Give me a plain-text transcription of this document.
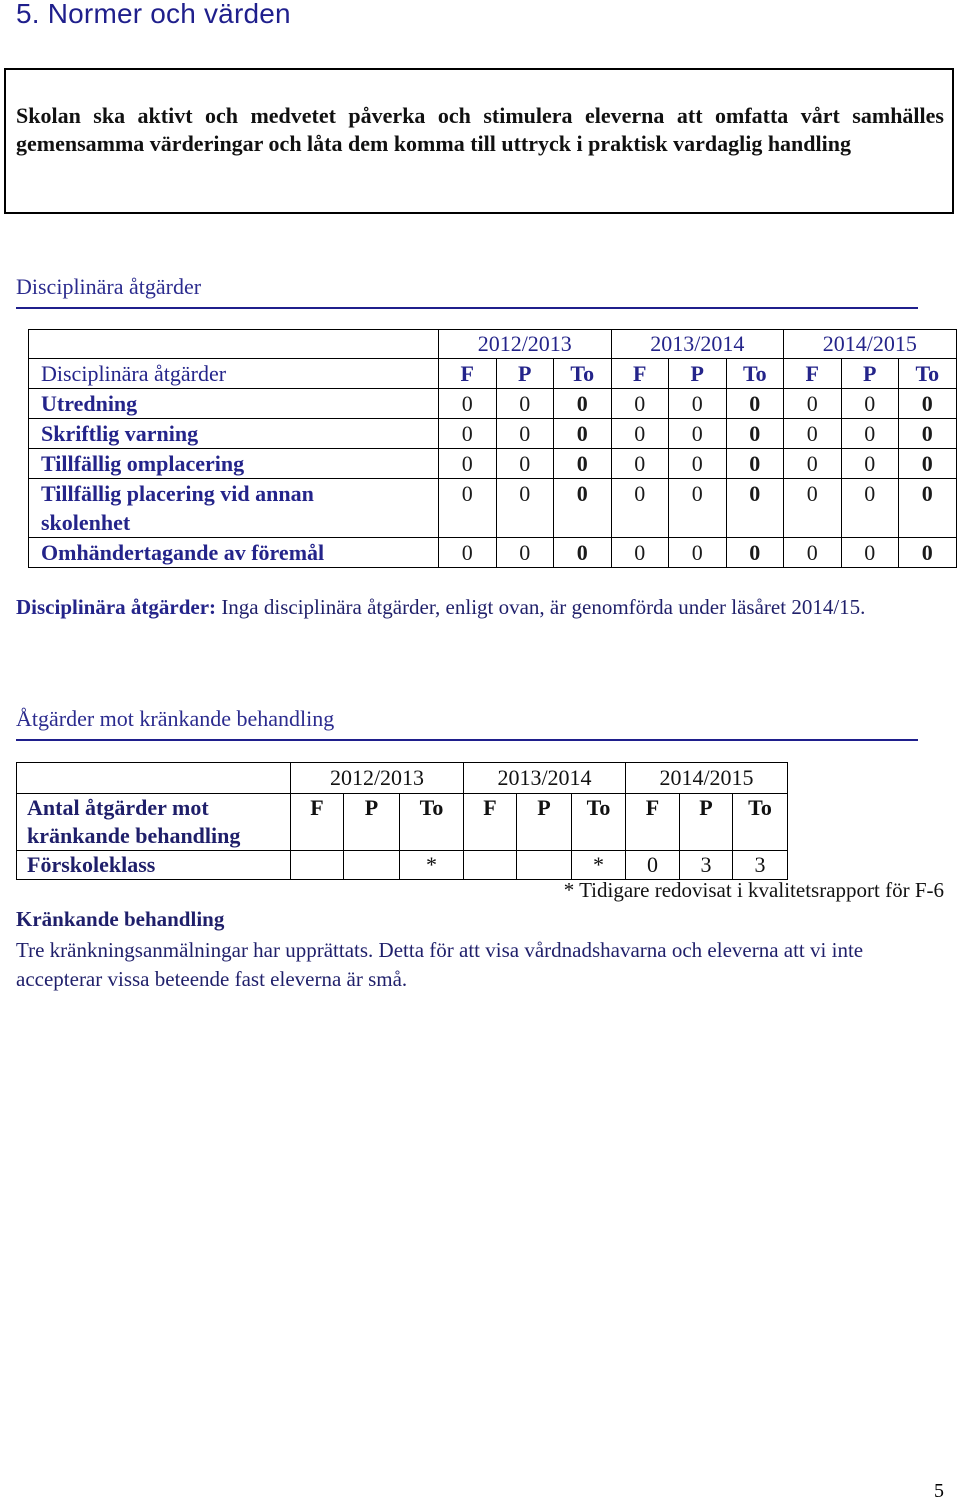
5. Normer och värden

Skolan ska aktivt och medvetet påverka och stimulera eleverna att omfatta vårt samhälles gemensamma värderingar och låta dem komma till uttryck i praktisk vardaglig handling

Disciplinära åtgärder
	2012/2013			2013/2014			2014/2015		
Disciplinära åtgärder	F	P	To	F	P	To	F	P	To
Utredning	0	0	0	0	0	0	0	0	0
Skriftlig varning	0	0	0	0	0	0	0	0	0
Tillfällig omplacering	0	0	0	0	0	0	0	0	0
Tillfällig placering vid annan skolenhet	0	0	0	0	0	0	0	0	0
Omhändertagande av föremål	0	0	0	0	0	0	0	0	0

Disciplinära åtgärder: Inga disciplinära åtgärder, enligt ovan, är genomförda under läsåret 2014/15.

Åtgärder mot kränkande behandling
	2012/2013			2013/2014			2014/2015		
Antal åtgärder mot kränkande behandling	F	P	To	F	P	To	F	P	To
Förskoleklass			*			*	0	3	3

* Tidigare redovisat i kvalitetsrapport för F-6

Kränkande behandling

Tre kränkningsanmälningar har upprättats. Detta för att visa vårdnadshavarna och eleverna att vi inte accepterar vissa beteende fast eleverna är små.

5
